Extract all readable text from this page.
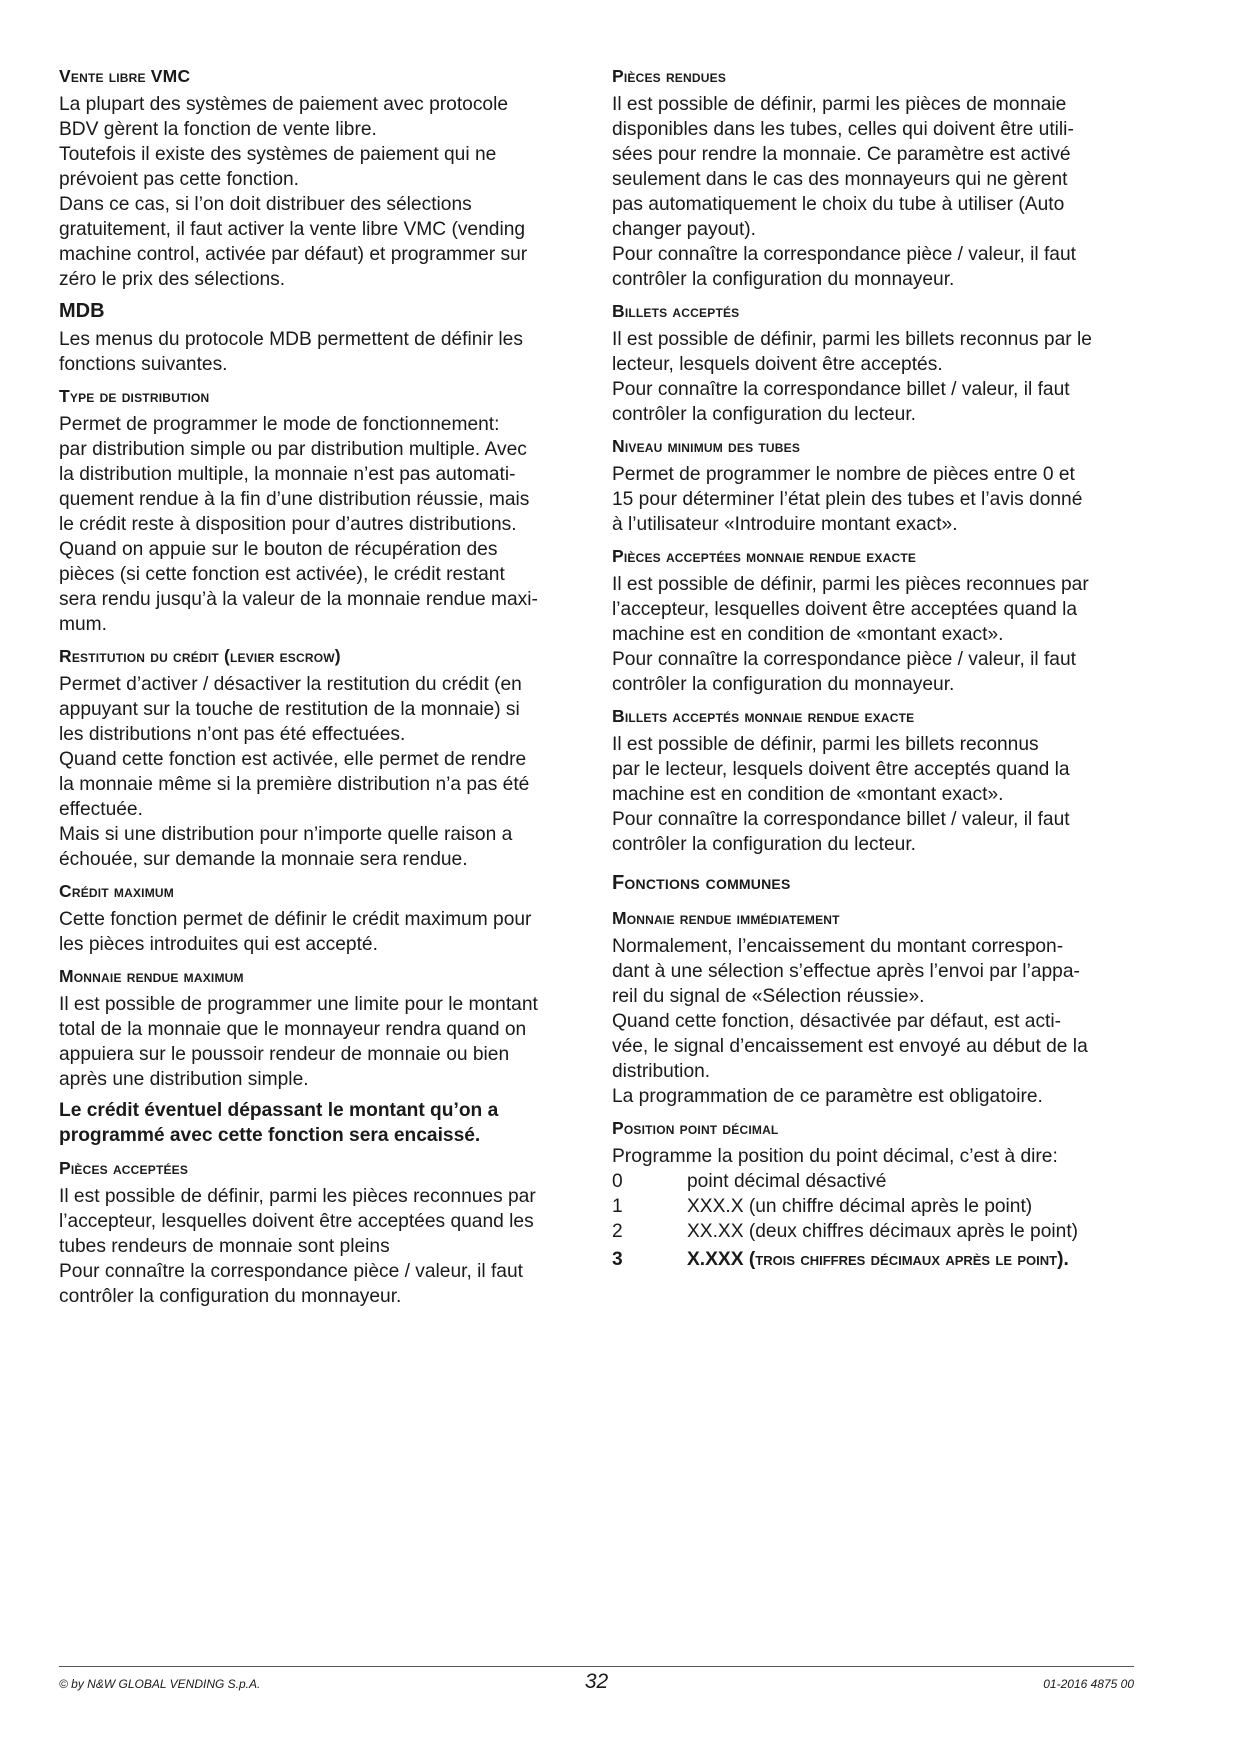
Vente libre VMC

La plupart des systèmes de paiement avec protocole

BDV gèrent la fonction de vente libre.

Toutefois il existe des systèmes de paiement qui ne

prévoient pas cette fonction.

Dans ce cas, si l’on doit distribuer des sélections

gratuitement, il faut activer la vente libre VMC (vending

machine control, activée par défaut) et programmer sur

zéro le prix des sélections.

MDB

Les menus du protocole MDB permettent de définir les

fonctions suivantes.

Type de distribution

Permet de programmer le mode de fonctionnement:

par distribution simple ou par distribution multiple. Avec

la distribution multiple, la monnaie n’est pas automati-

quement rendue à la fin d’une distribution réussie, mais

le crédit reste à disposition pour d’autres distributions.

Quand on appuie sur le bouton de récupération des

pièces (si cette fonction est activée), le crédit restant

sera rendu jusqu’à la valeur de la monnaie rendue maxi-

mum.

Restitution du crédit (levier escrow)

Permet d’activer / désactiver la restitution du crédit (en

appuyant sur la touche de restitution de la monnaie) si

les distributions n’ont pas été effectuées.

Quand cette fonction est activée, elle permet de rendre

la monnaie même si la première distribution n’a pas été

effectuée.

Mais si une distribution pour n’importe quelle raison a

échouée, sur demande la monnaie sera rendue.

Crédit maximum

Cette fonction permet de définir le crédit maximum pour

les pièces introduites qui est accepté.

Monnaie rendue maximum

Il est possible de programmer une limite pour le montant

total de la monnaie que le monnayeur rendra quand on

appuiera sur le poussoir rendeur de monnaie ou bien

après une distribution simple.

Le crédit éventuel dépassant le montant qu’on a

programmé avec cette fonction sera encaissé.

Pièces acceptées

Il est possible de définir, parmi les pièces reconnues par

l’accepteur, lesquelles doivent être acceptées quand les

tubes rendeurs de monnaie sont pleins

Pour connaître la correspondance pièce / valeur, il faut

contrôler la configuration du monnayeur.

Pièces rendues

Il est possible de définir, parmi les pièces de monnaie

disponibles dans les tubes, celles qui doivent être utili-

sées pour rendre la monnaie. Ce paramètre est activé

seulement dans le cas des monnayeurs qui ne gèrent

pas automatiquement le choix du tube à utiliser (Auto

changer payout).

Pour connaître la correspondance pièce / valeur, il faut

contrôler la configuration du monnayeur.

Billets acceptés

Il est possible de définir, parmi les billets reconnus par le

lecteur, lesquels doivent être acceptés.

Pour connaître la correspondance billet / valeur, il faut

contrôler la configuration du lecteur.

Niveau minimum des tubes

Permet de programmer le nombre de pièces entre 0 et

15 pour déterminer l’état plein des tubes et l’avis donné

à l’utilisateur «Introduire montant exact».

Pièces acceptées monnaie rendue exacte

Il est possible de définir, parmi les pièces reconnues par

l’accepteur, lesquelles doivent être acceptées quand la

machine est en condition de «montant exact».

Pour connaître la correspondance pièce / valeur, il faut

contrôler la configuration du monnayeur.

Billets acceptés monnaie rendue exacte

Il est possible de définir, parmi les billets reconnus

par le lecteur, lesquels doivent être acceptés quand la

machine est en condition de «montant exact».

Pour connaître la correspondance billet / valeur, il faut

contrôler la configuration du lecteur.

Fonctions communes
Monnaie rendue immédiatement

Normalement, l’encaissement du montant correspon-

dant à une sélection s’effectue après l’envoi par l’appa-

reil du signal de «Sélection réussie».

Quand cette fonction, désactivée par défaut, est acti-

vée, le signal d’encaissement est envoyé au début de la

distribution.

La programmation de ce paramètre est obligatoire.

Position point décimal

Programme la position du point décimal, c’est à dire:

0	point décimal désactivé
1	XXX.X (un chiffre décimal après le point)
2	XX.XX (deux chiffres décimaux après le point)
3	X.XXX (trois chiffres décimaux après le point).
© by N&W GLOBAL VENDING S.p.A.	32	01-2016 4875 00
